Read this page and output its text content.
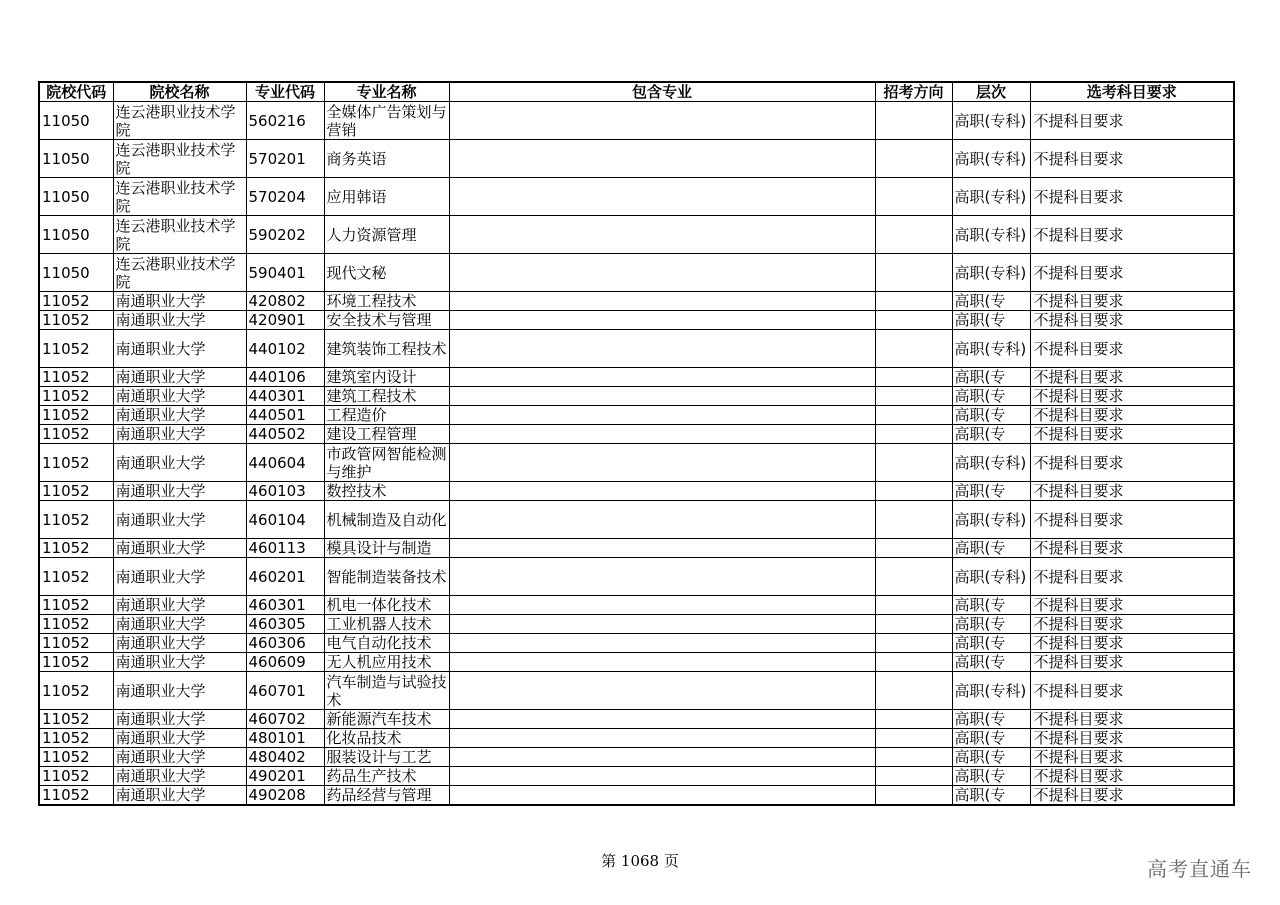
院校代码	院校名称	专业代码	专业名称	包含专业	招考方向	层次	选考科目要求
11050	连云港职业技术学院	560216	全媒体广告策划与营销			高职(专科)	不提科目要求
11050	连云港职业技术学院	570201	商务英语			高职(专科)	不提科目要求
11050	连云港职业技术学院	570204	应用韩语			高职(专科)	不提科目要求
11050	连云港职业技术学院	590202	人力资源管理			高职(专科)	不提科目要求
11050	连云港职业技术学院	590401	现代文秘			高职(专科)	不提科目要求
11052	南通职业大学	420802	环境工程技术			高职(专	不提科目要求
11052	南通职业大学	420901	安全技术与管理			高职(专	不提科目要求
11052	南通职业大学	440102	建筑装饰工程技术			高职(专科)	不提科目要求
11052	南通职业大学	440106	建筑室内设计			高职(专	不提科目要求
11052	南通职业大学	440301	建筑工程技术			高职(专	不提科目要求
11052	南通职业大学	440501	工程造价			高职(专	不提科目要求
11052	南通职业大学	440502	建设工程管理			高职(专	不提科目要求
11052	南通职业大学	440604	市政管网智能检测与维护			高职(专科)	不提科目要求
11052	南通职业大学	460103	数控技术			高职(专	不提科目要求
11052	南通职业大学	460104	机械制造及自动化			高职(专科)	不提科目要求
11052	南通职业大学	460113	模具设计与制造			高职(专	不提科目要求
11052	南通职业大学	460201	智能制造装备技术			高职(专科)	不提科目要求
11052	南通职业大学	460301	机电一体化技术			高职(专	不提科目要求
11052	南通职业大学	460305	工业机器人技术			高职(专	不提科目要求
11052	南通职业大学	460306	电气自动化技术			高职(专	不提科目要求
11052	南通职业大学	460609	无人机应用技术			高职(专	不提科目要求
11052	南通职业大学	460701	汽车制造与试验技术			高职(专科)	不提科目要求
11052	南通职业大学	460702	新能源汽车技术			高职(专	不提科目要求
11052	南通职业大学	480101	化妆品技术			高职(专	不提科目要求
11052	南通职业大学	480402	服装设计与工艺			高职(专	不提科目要求
11052	南通职业大学	490201	药品生产技术			高职(专	不提科目要求
11052	南通职业大学	490208	药品经营与管理			高职(专	不提科目要求
第 1068 页	高考直通车
